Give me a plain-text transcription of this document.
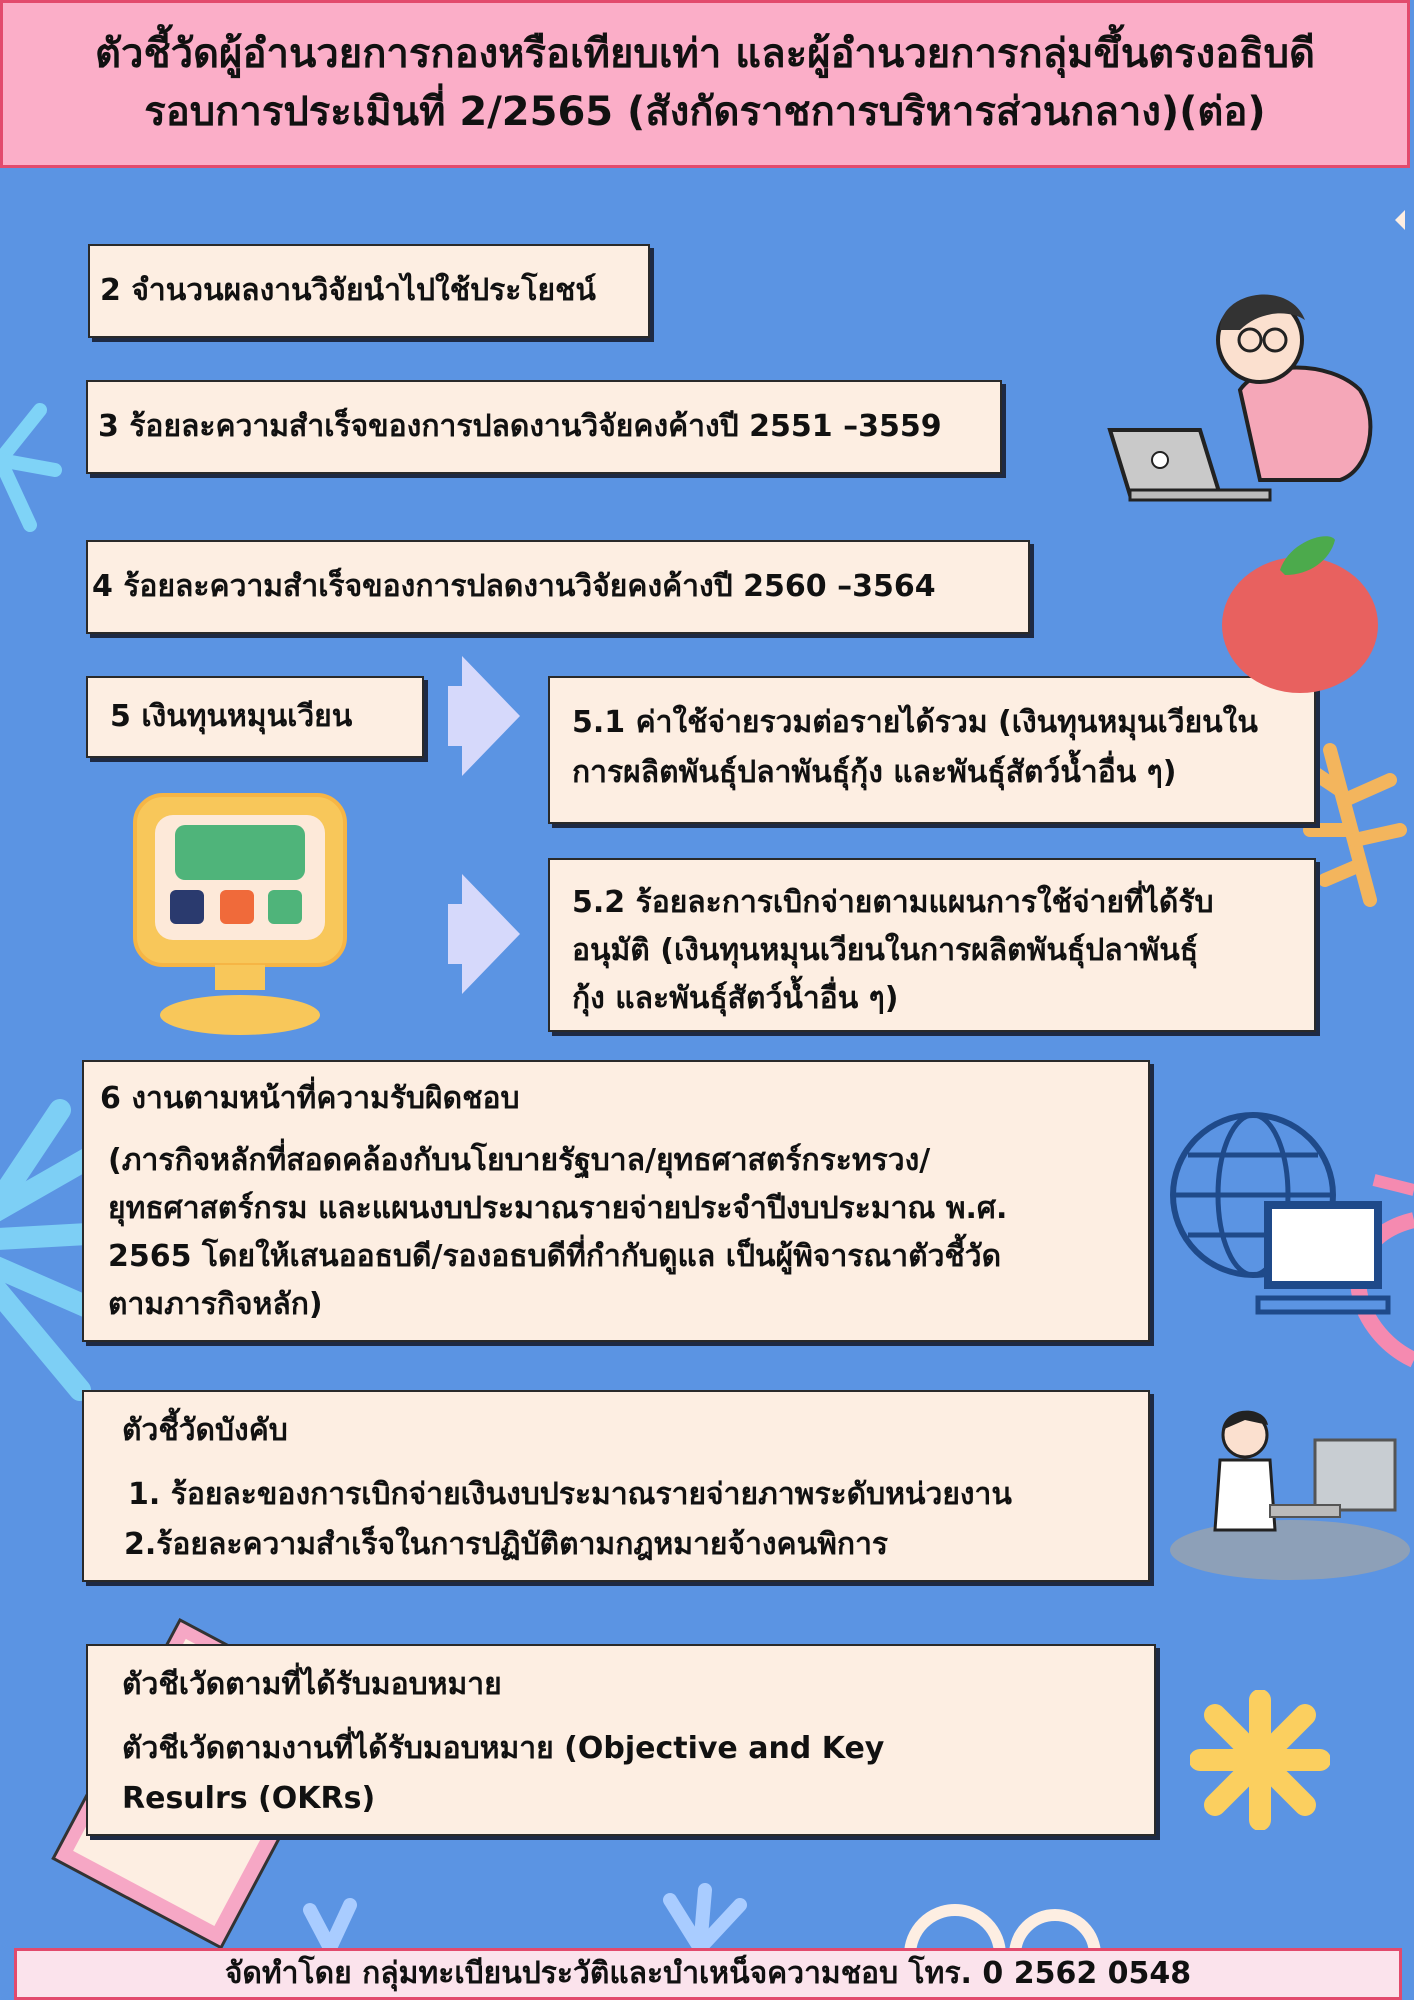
ตัวชี้วัดผู้อำนวยการกองหรือเทียบเท่า และผู้อำนวยการกลุ่มขึ้นตรงอธิบดี
รอบการประเมินที่ 2/2565 (สังกัดราชการบริหารส่วนกลาง)(ต่อ)
2 จำนวนผลงานวิจัยนำไปใช้ประโยชน์
3 ร้อยละความสำเร็จของการปลดงานวิจัยคงค้างปี 2551 –3559
4 ร้อยละความสำเร็จของการปลดงานวิจัยคงค้างปี 2560 –3564
5 เงินทุนหมุนเวียน	5.1 ค่าใช้จ่ายรวมต่อรายได้รวม (เงินทุนหมุนเวียนใน
การผลิตพันธุ์ปลาพันธุ์กุ้ง และพันธุ์สัตว์น้ำอื่น ๆ)
5.2 ร้อยละการเบิกจ่ายตามแผนการใช้จ่ายที่ได้รับ
อนุมัติ (เงินทุนหมุนเวียนในการผลิตพันธุ์ปลาพันธุ์
กุ้ง และพันธุ์สัตว์น้ำอื่น ๆ)
6 งานตามหน้าที่ความรับผิดชอบ
(ภารกิจหลักที่สอดคล้องกับนโยบายรัฐบาล/ยุทธศาสตร์กระทรวง/
ยุทธศาสตร์กรม และแผนงบประมาณรายจ่ายประจำปีงบประมาณ พ.ศ.
2565 โดยให้เสนออธบดี/รองอธบดีที่กำกับดูแล เป็นผู้พิจารณาตัวชี้วัด
ตามภารกิจหลัก)
ตัวชี้วัดบังคับ
1. ร้อยละของการเบิกจ่ายเงินงบประมาณรายจ่ายภาพระดับหน่วยงาน
2.ร้อยละความสำเร็จในการปฏิบัติตามกฎหมายจ้างคนพิการ
ตัวชีเวัดตามที่ได้รับมอบหมาย
ตัวชีเวัดตามงานที่ได้รับมอบหมาย (Objective and Key
Resulrs (OKRs)
จัดทำโดย กลุ่มทะเบียนประวัติและบำเหน็จความชอบ โทร. 0 2562 0548
